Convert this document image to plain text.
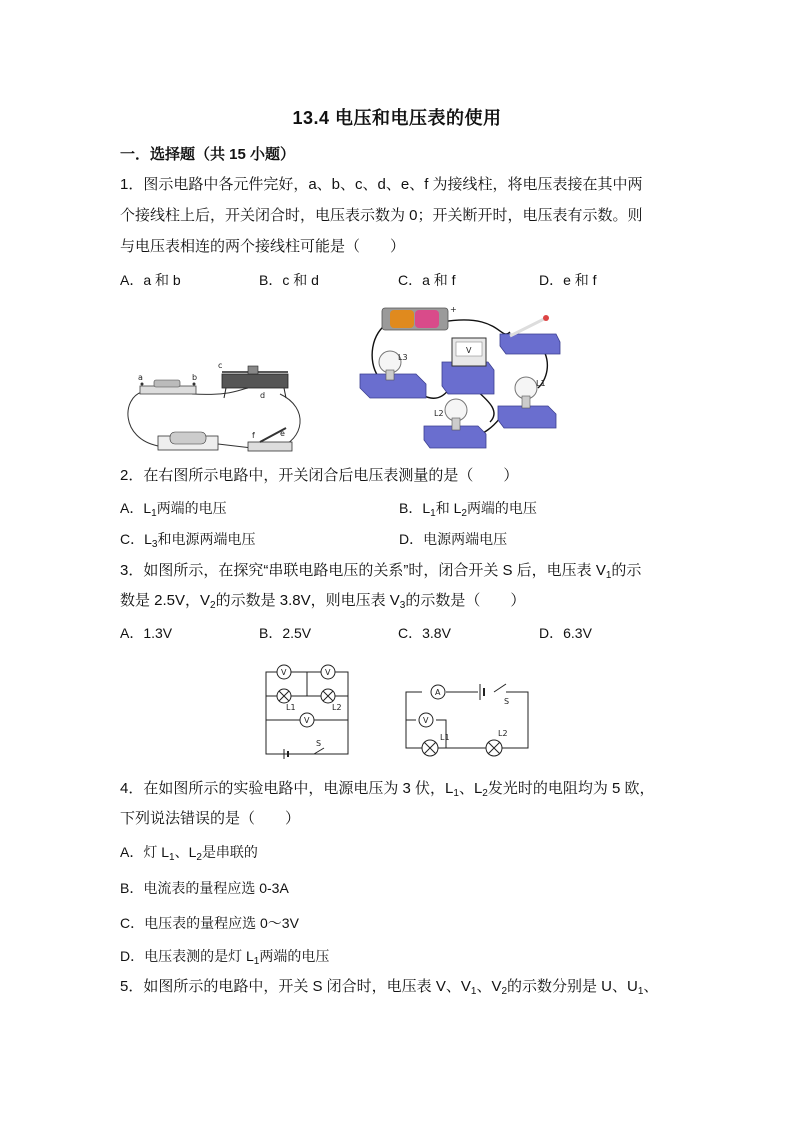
13.4 电压和电压表的使用
一．选择题（共 15 小题）
1．图示电路中各元件完好，a、b、c、d、e、f 为接线柱，将电压表接在其中两
个接线柱上后，开关闭合时，电压表示数为 0；开关断开时，电压表有示数。则
与电压表相连的两个接线柱可能是（　　）
A．a 和 b	B．c 和 d	C．a 和 f	D．e 和 f
a	b
c
d
f	e
+
L3
V
L1
L2
2．在右图所示电路中，开关闭合后电压表测量的是（　　）
A．$L_1$两端的电压	B．$L_1$和 $L_2$两端的电压
C．$L_3$和电源两端电压	D．电源两端电压
3．如图所示，在探究“串联电路电压的关系”时，闭合开关 S 后，电压表 $V_1$的示
数是 2.5V，$V_2$的示数是 3.8V，则电压表 $V_3$的示数是（　　）
A．1.3V	B．2.5V	C．3.8V	D．6.3V
V	V
L1	L2
V
S
A
S
V
L1	L2
4．在如图所示的实验电路中，电源电压为 3 伏，$L_1$、$L_2$发光时的电阻均为 5 欧，
下列说法错误的是（　　）
A．灯 $L_1$、$L_2$是串联的
B．电流表的量程应选 0-3A
C．电压表的量程应选 0～3V
D．电压表测的是灯 $L_1$两端的电压
5．如图所示的电路中，开关 S 闭合时，电压表 V、$V_1$、$V_2$的示数分别是 U、$U_1$、
